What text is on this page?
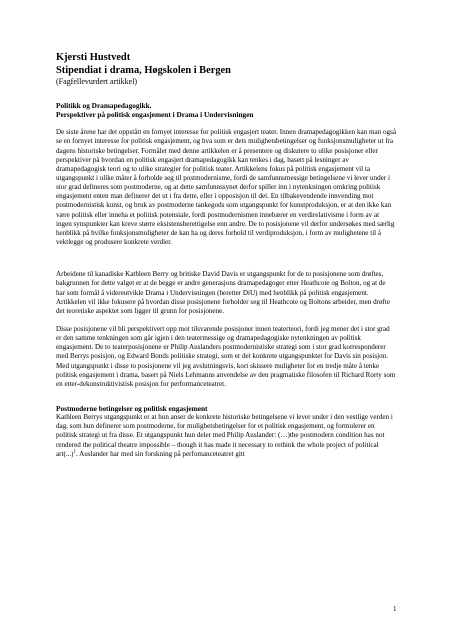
Kjersti Hustvedt

Stipendiat i drama, Høgskolen i Bergen

(Fagfellevurdert artikkel)

Politikk og Dramapedagogikk.

Perspektiver på politisk engasjement i Drama i Undervisningen

De siste årene har det oppstått en fornyet interesse for politisk engasjert teater. Innen dramapedagogikken kan man også se en fornyet interesse for politisk engasjement, og hva som er dets mulighetsbetingelser og funksjonsmuligheter ut fra dagens historiske betingelser. Formålet med denne artikkelen er å presentere og diskutere to ulike posisjoner eller perspektiver på hvordan en politisk engasjert dramapedagogikk kan tenkes i dag, basert på lesninger av dramapedagogisk teori og to ulike strategier for politisk teater. Artikkelens fokus på politisk engasjement vil ta utgangspunkt i ulike måter å forholde seg til postmodernisme, fordi de samfunnsmessige betingelsene vi lever under i stor grad defineres som postmoderne, og at dette samfunnssynet derfor spiller inn i nytenkningen omkring politisk engasjement enten man definerer det ut i fra dette, eller i opposisjon til det. En tilbakevendende innvending mot postmodernistisk kunst, og bruk av postmoderne tankegods som utgangspunkt for kunstproduksjon, er at den ikke kan være politisk eller inneha et politisk potensiale, fordi postmodernismen innebærer en verdirelativisme i form av at ingen synspunkter kan kreve større eksistensberettigelse enn andre. De to posisjonene vil derfor undersøkes med særlig henblikk på hvilke funksjonsmuligheter de kan ha og deres forhold til verdiproduksjon, i form av mulighetene til å vektlegge og produsere konkrete verdier.

Arbeidene til kanadiske Kathleen Berry og britiske David Davis er utgangspunkt for de to posisjonene som drøftes, bakgrunnen for dette valget er at de begge er andre generasjons dramapedagoger etter Heathcote og Bolton, og at de har som formål å videreutvikle Drama i Undervisningen (heretter DiU) med henblikk på politisk engasjement. Artikkelen vil ikke fokusere på hvordan disse posisjonene forholder seg til Heathcote og Boltons arbeider, men drøfte det teoretiske aspektet som ligger til grunn for posisjonene.

Disse posisjonene vil bli perspektivert opp mot tilsvarende posisjoner innen teaterteori, fordi jeg mener det i stor grad er den samme tenkningen som går igjen i den teatermessige og dramapedagogiske nytenkningen av politisk engasjement. De to teaterposisjonene er Philip Auslanders postmodernistiske strategi som i stor grad korresponderer med Berrys posisjon, og Edward Bonds politiske strategi, som er det konkrete utgangspunktet for Davis sin posisjon. Med utgangspunkt i disse to posisjonene vil jeg avslutningsvis, kort skissere muligheter for en tredje måte å tenke politisk engasjement i drama, basert på Niels Lehmanns anvendelse av den pragmatiske filosofen til Richard Rorty som en etter-dekonstruktivistisk posisjon for performanceteatret.

Postmoderne betingelser og politisk engasjement

Kathleen Berrys utgangspunkt er at hun anser de konkrete historiske betingelsene vi lever under i den vestlige verden i dag, som hun definerer som postmoderne, for mulighetsbetingelser for et politisk engasjement, og formulerer en politisk strategi ut fra disse. Et utgangspunkt hun deler med Philip Auslander: (…)the postmodern condition has not rendered the political theatre impossible – though it has made it necessary to rethink the whole project of political art(...)$^1$. Auslander har med sin forskning på perfomanceteatret gitt

1
